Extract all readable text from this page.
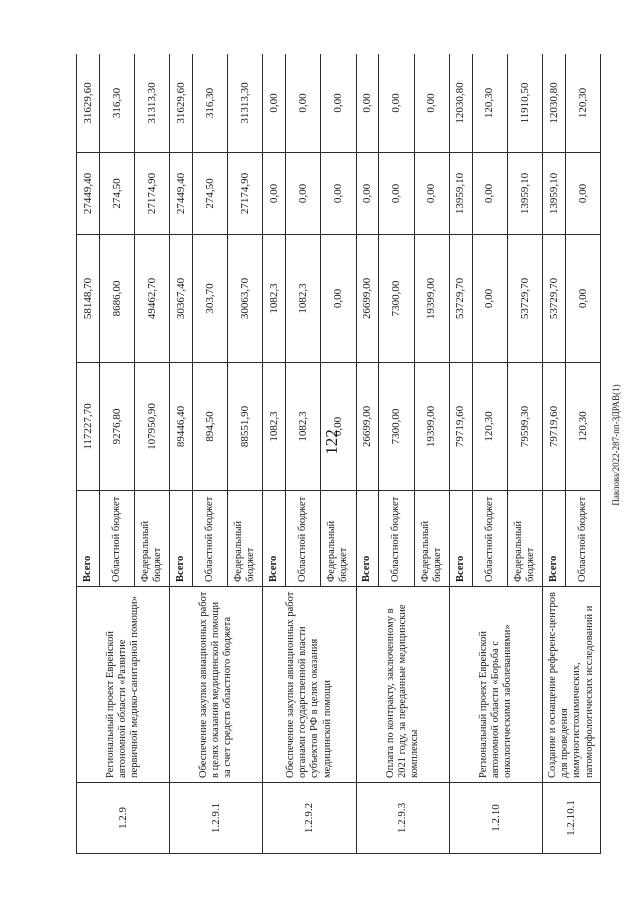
122
1.2.9	Региональный проект Еврейской автономной области «Развитие первичной медико-санитарной помощи»	Всего	117227,70	58148,70	27449,40	31629,60
		Областной бюджет	9276,80	8686,00	274,50	316,30
		Федеральный бюджет	107950,90	49462,70	27174,90	31313,30
1.2.9.1	Обеспечение закупки авиационных работ в целях оказания медицинской помощи за счет средств областного бюджета	Всего	89446,40	30367,40	27449,40	31629,60
		Областной бюджет	894,50	303,70	274,50	316,30
		Федеральный бюджет	88551,90	30063,70	27174,90	31313,30
1.2.9.2	Обеспечение закупки авиационных работ органами государственной власти субъектов РФ в целях оказания медицинской помощи	Всего	1082,3	1082,3	0,00	0,00
		Областной бюджет	1082,3	1082,3	0,00	0,00
		Федеральный бюджет	0,00	0,00	0,00	0,00
1.2.9.3	Оплата по контракту, заключенному в 2021 году, за переданные медицинские комплексы	Всего	26699,00	26699,00	0,00	0,00
		Областной бюджет	7300,00	7300,00	0,00	0,00
		Федеральный бюджет	19399,00	19399,00	0,00	0,00
1.2.10	Региональный проект Еврейской автономной области «Борьба с онкологическими заболеваниями»	Всего	79719,60	53729,70	13959,10	12030,80
		Областной бюджет	120,30	0,00	0,00	120,30
		Федеральный бюджет	79599,30	53729,70	13959,10	11910,50
1.2.10.1	Создание и оснащение референс-центров для проведения иммуногистохимических, патоморфологических исследований и	Всего	79719,60	53729,70	13959,10	12030,80
		Областной бюджет	120,30	0,00	0,00	120,30
Павлова/2022-287-пп-ЗДРАВ(1)
